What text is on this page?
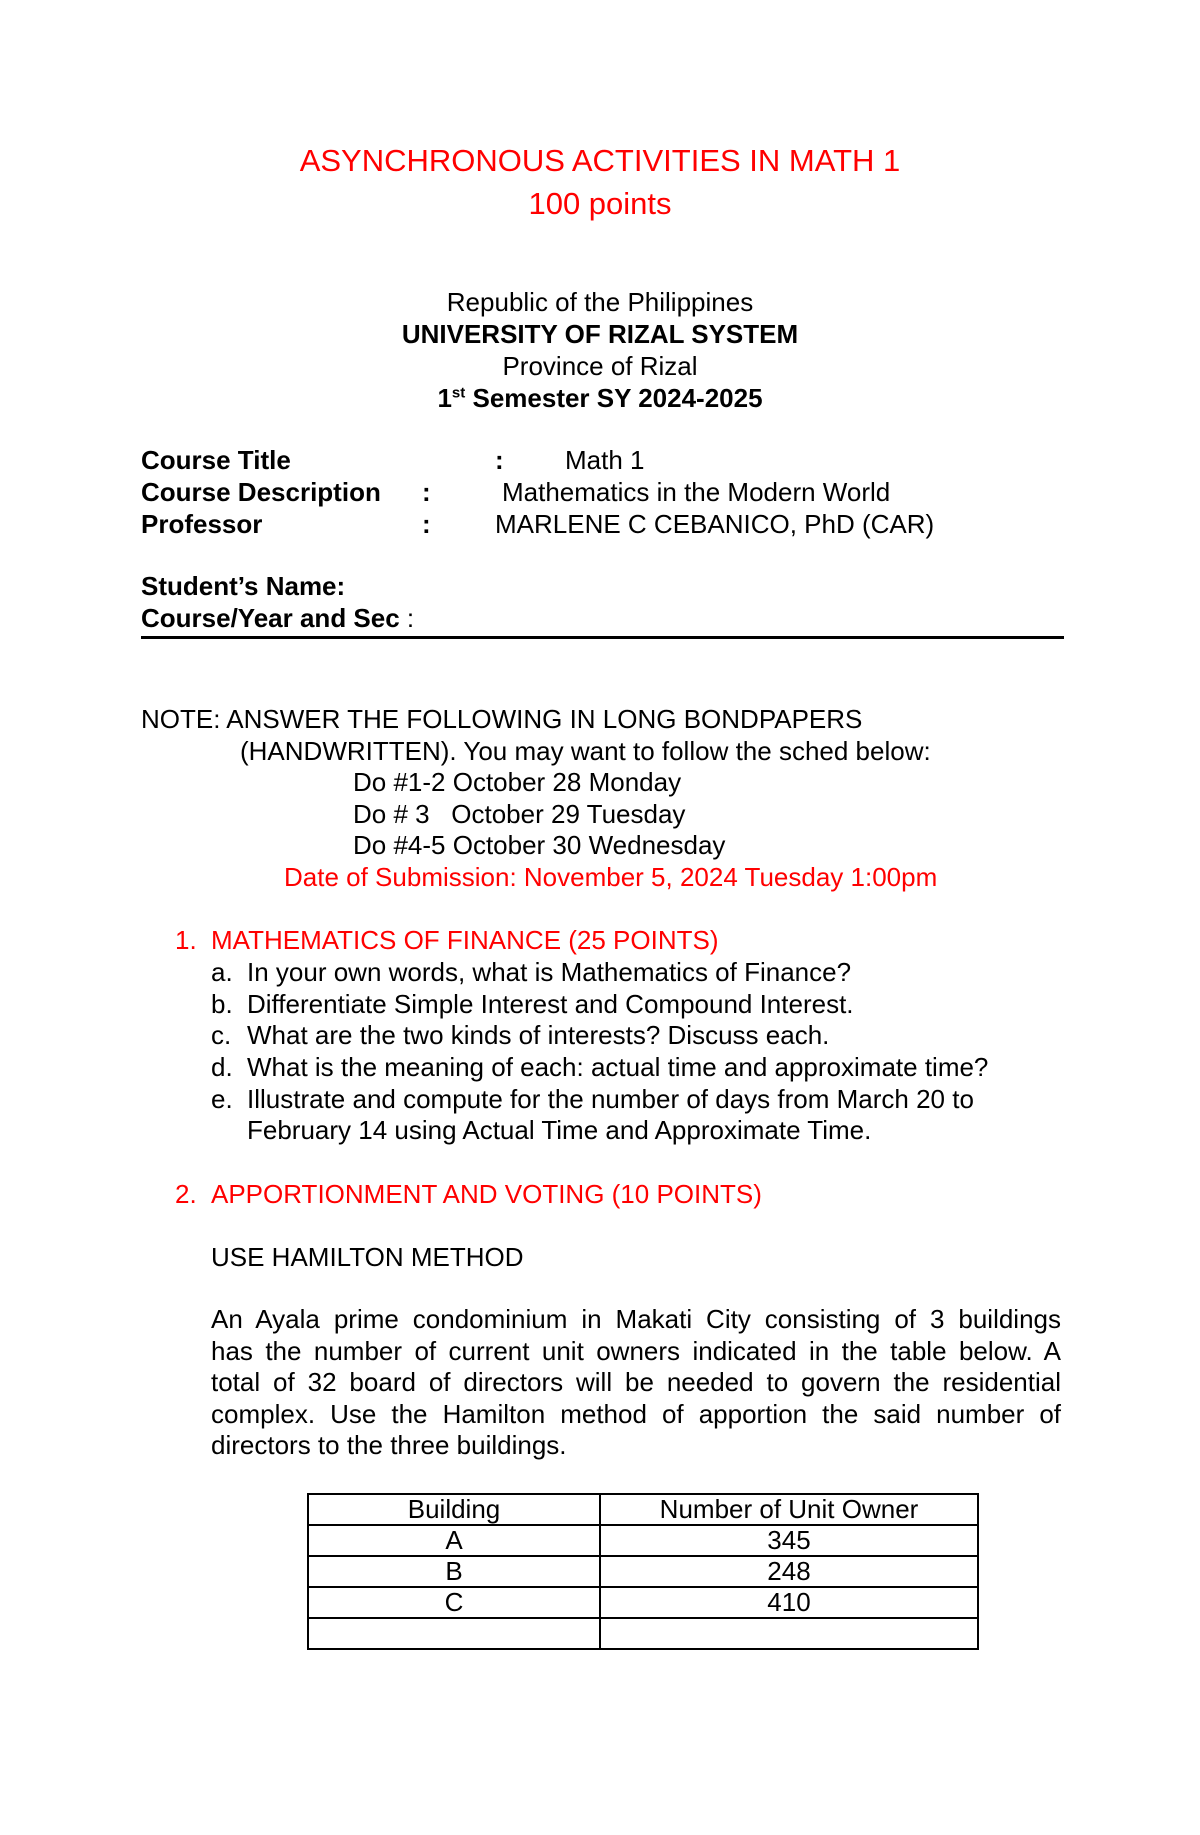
ASYNCHRONOUS ACTIVITIES IN MATH 1
100 points
Republic of the Philippines
UNIVERSITY OF RIZAL SYSTEM
Province of Rizal
1st Semester SY 2024-2025
Course Title	: Math 1
Course Description :	Mathematics in the Modern World
Professor	: MARLENE C CEBANICO, PhD (CAR)
Student’s Name:
Course/Year and Sec :
NOTE: ANSWER THE FOLLOWING IN LONG BONDPAPERS
(HANDWRITTEN). You may want to follow the sched below:
Do #1-2 October 28 Monday
Do # 3   October 29 Tuesday
Do #4-5 October 30 Wednesday
Date of Submission: November 5, 2024 Tuesday 1:00pm
1. MATHEMATICS OF FINANCE (25 POINTS)
a. In your own words, what is Mathematics of Finance?
b. Differentiate Simple Interest and Compound Interest.
c. What are the two kinds of interests? Discuss each.
d. What is the meaning of each: actual time and approximate time?
e. Illustrate and compute for the number of days from March 20 to
February 14 using Actual Time and Approximate Time.
2. APPORTIONMENT AND VOTING (10 POINTS)
USE HAMILTON METHOD
An Ayala prime condominium in Makati City consisting of 3 buildings
has the number of current unit owners indicated in the table below. A
total of 32 board of directors will be needed to govern the residential
complex. Use the Hamilton method of apportion the said number of
directors to the three buildings.
Building	Number of Unit Owner
A	345
B	248
C	410
